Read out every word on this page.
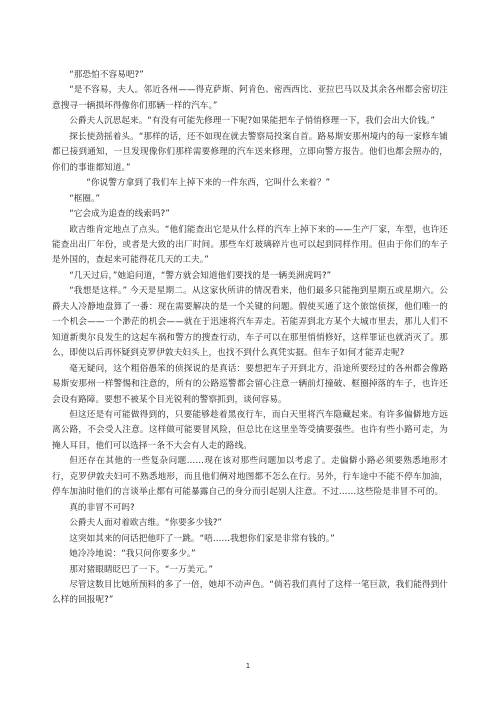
“那恐怕不容易吧?”

“是不容易，夫人。邻近各州——得克萨斯、阿肯色、密西西比、亚拉巴马以及其余各州都会密切注意搜寻一辆损坏得像你们那辆一样的汽车。”

公爵夫人沉思起来。“有没有可能先修理一下呢?如果能把车子悄悄修理一下，我们会出大价钱。”

探长使劲摇着头。“那样的话，还不如现在就去警察局投案自首。路易斯安那州境内的每一家修车铺都已接到通知，一旦发现像你们那样需要修理的汽车送来修理，立即向警方报告。他们也都会照办的，你们的事谁都知道。”

“你说警方拿到了我们车上掉下来的一件东西，它叫什么来着？”

“框圈。”

“它会成为追查的线索吗?”

欧吉维肯定地点了点头。“他们能查出它是从什么样的汽车上掉下来的——生产厂家，车型，也许还能查出出厂年份，或者是大致的出厂时间。那些车灯玻璃碎片也可以起到同样作用。但由于你们的车子是外国的，查起来可能得花几天的工夫。”

“几天过后，”她追问道，“警方就会知道他们要找的是一辆美洲虎吗?”

“我想是这样。” 今天是星期二。从这家伙所讲的情况看来，他们最多只能拖到星期五或星期六。公爵夫人冷静地盘算了一番：现在需要解决的是一个关键的问题。假使买通了这个旅馆侦探，他们唯一的一个机会——一个渺茫的机会——就在于迅速将汽车弄走。若能弄到北方某个大城市里去，那儿人们不知道新奥尔良发生的这起车祸和警方的搜查行动，车子可以在那里悄悄修好，这样罪证也就消灭了。那么，即使以后再怀疑到克罗伊敦夫妇头上，也找不到什么真凭实据。但车子如何才能弄走呢?

毫无疑问，这个粗俗愚笨的侦探说的是真话：要想把车子开到北方，沿途所要经过的各州都会像路易斯安那州一样警惕和注意的，所有的公路巡警都会留心注意一辆前灯撞破、框圈掉落的车子，也许还会设有路障。要想不被某个目光锐利的警察抓到，谈何容易。

但这还是有可能做得到的，只要能够趁着黑夜行车，而白天里将汽车隐藏起来。有许多偏僻地方远离公路，不会受人注意。这样做可能要冒风险，但总比在这里坐等受擒要强些。也许有些小路可走，为掩人耳目，他们可以选择一条不大会有人走的路线。

但还存在其他的一些复杂问题……现在该对那些问题加以考虑了。走偏僻小路必须要熟悉地形才行，克罗伊敦夫妇可不熟悉地形，而且他们俩对地图都不怎么在行。另外，行车途中不能不停车加油，停车加油时他们的言谈举止都有可能暴露自己的身分而引起别人注意。不过……这些险是非冒不可的。

真的非冒不可吗?

公爵夫人面对着欧吉维。“你要多少钱?”

这突如其来的问话把他吓了一跳。“唔……我想你们家是非常有钱的。”

她冷冷地说：“我只问你要多少。”

那对猪眼睛眨巴了一下。“一万美元。”

尽管这数目比她所预料的多了一倍，她却不动声色。“倘若我们真付了这样一笔巨款，我们能得到什么样的回报呢?”

1
